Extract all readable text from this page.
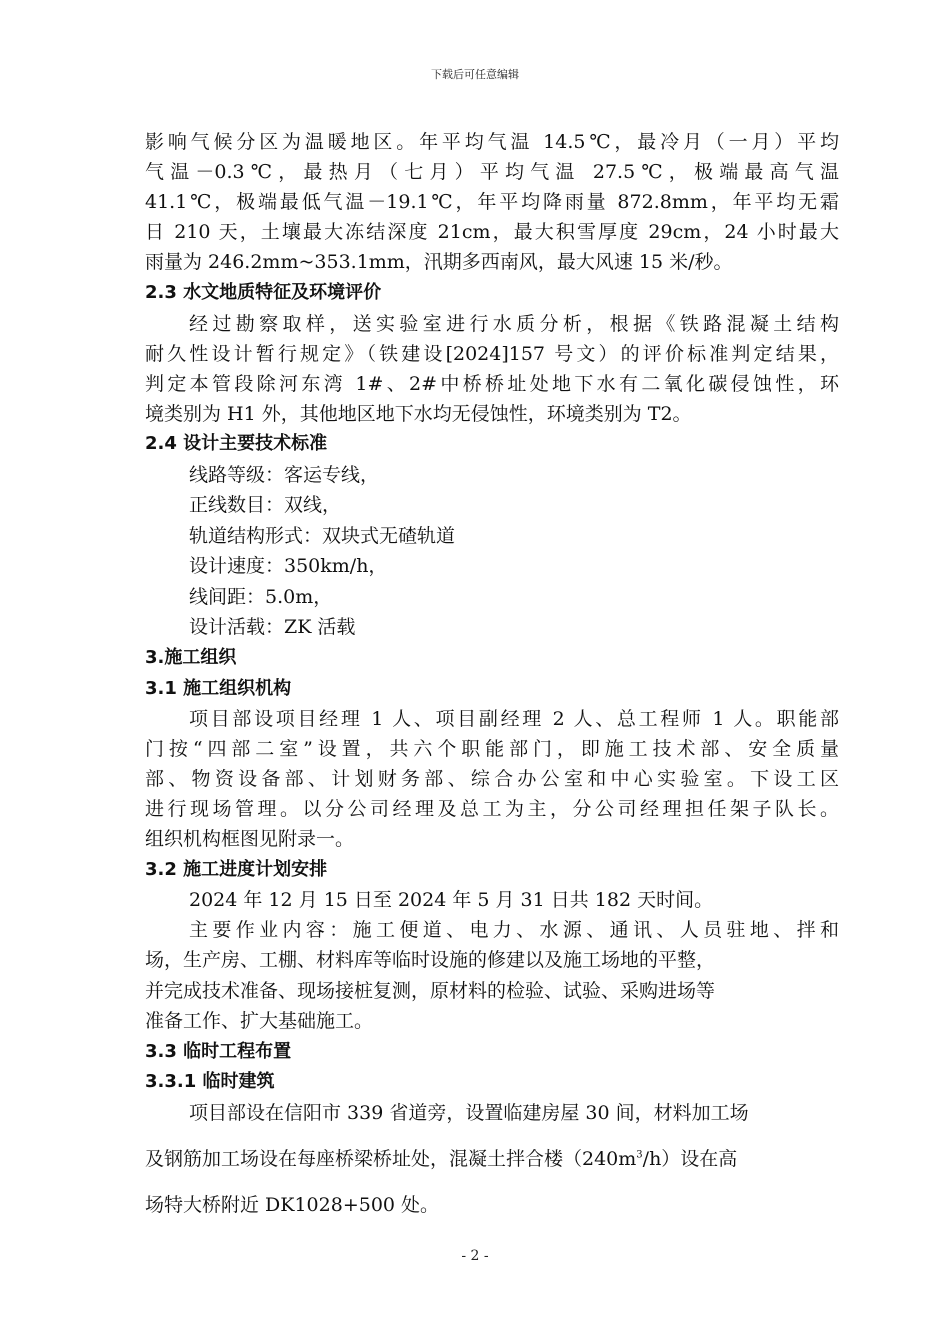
下载后可任意编辑
影响气候分区为温暖地区。年平均气温 14.5℃，最冷月（一月）平均
气温－0.3℃，最热月（七月）平均气温 27.5℃，极端最高气温
41.1℃，极端最低气温－19.1℃，年平均降雨量 872.8mm，年平均无霜
日 210 天，土壤最大冻结深度 21cm，最大积雪厚度 29cm，24 小时最大
雨量为 246.2mm~353.1mm，汛期多西南风，最大风速 15 米/秒。
2.3 水文地质特征及环境评价
经过勘察取样，送实验室进行水质分析，根据《铁路混凝土结构
耐久性设计暂行规定》（铁建设[2024]157 号文）的评价标准判定结果，
判定本管段除河东湾 1#、2#中桥桥址处地下水有二氧化碳侵蚀性，环
境类别为 H1 外，其他地区地下水均无侵蚀性，环境类别为 T2。
2.4 设计主要技术标准
线路等级：客运专线，
正线数目：双线，
轨道结构形式：双块式无碴轨道
设计速度：350km/h，
线间距：5.0m，
设计活载：ZK 活载
3.施工组织
3.1 施工组织机构
项目部设项目经理 1 人、项目副经理 2 人、总工程师 1 人。职能部
门按“四部二室”设置，共六个职能部门，即施工技术部、安全质量
部、物资设备部、计划财务部、综合办公室和中心实验室。下设工区
进行现场管理。以分公司经理及总工为主，分公司经理担任架子队长。
组织机构框图见附录一。
3.2 施工进度计划安排
2024 年 12 月 15 日至 2024 年 5 月 31 日共 182 天时间。
主要作业内容：施工便道、电力、水源、通讯、人员驻地、拌和
场，生产房、工棚、材料库等临时设施的修建以及施工场地的平整，
并完成技术准备、现场接桩复测，原材料的检验、试验、采购进场等
准备工作、扩大基础施工。
3.3 临时工程布置
3.3.1 临时建筑
项目部设在信阳市 339 省道旁，设置临建房屋 30 间，材料加工场
及钢筋加工场设在每座桥梁桥址处，混凝土拌合楼$(240m^3/h)$设在高
场特大桥附近 DK1028+500 处。
- 2 -
